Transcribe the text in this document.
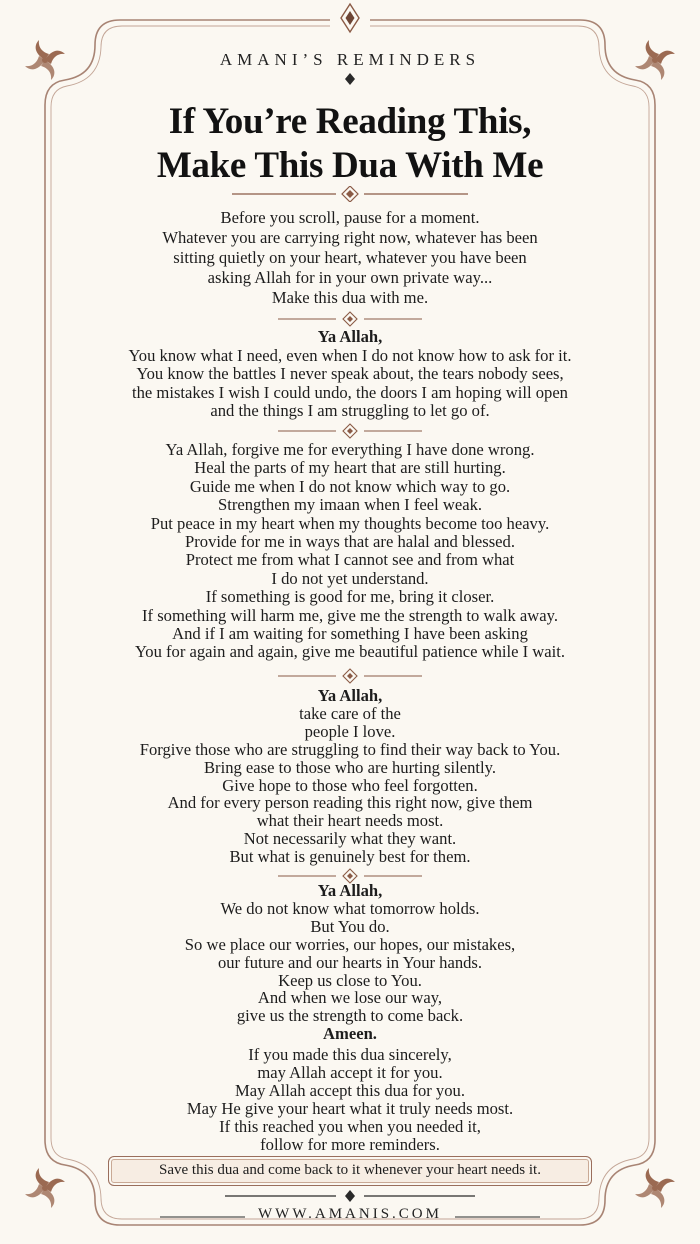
AMANI’S REMINDERS
If You’re Reading This,
Make This Dua With Me
Before you scroll, pause for a moment.
Whatever you are carrying right now, whatever has been
sitting quietly on your heart, whatever you have been
asking Allah for in your own private way...
Make this dua with me.
Ya Allah,
You know what I need, even when I do not know how to ask for it.
You know the battles I never speak about, the tears nobody sees,
the mistakes I wish I could undo, the doors I am hoping will open
and the things I am struggling to let go of.
Ya Allah, forgive me for everything I have done wrong.
Heal the parts of my heart that are still hurting.
Guide me when I do not know which way to go.
Strengthen my imaan when I feel weak.
Put peace in my heart when my thoughts become too heavy.
Provide for me in ways that are halal and blessed.
Protect me from what I cannot see and from what
I do not yet understand.
If something is good for me, bring it closer.
If something will harm me, give me the strength to walk away.
And if I am waiting for something I have been asking
You for again and again, give me beautiful patience while I wait.
Ya Allah,
take care of the
people I love.
Forgive those who are struggling to find their way back to You.
Bring ease to those who are hurting silently.
Give hope to those who feel forgotten.
And for every person reading this right now, give them
what their heart needs most.
Not necessarily what they want.
But what is genuinely best for them.
Ya Allah,
We do not know what tomorrow holds.
But You do.
So we place our worries, our hopes, our mistakes,
our future and our hearts in Your hands.
Keep us close to You.
And when we lose our way,
give us the strength to come back.
Ameen.
If you made this dua sincerely,
may Allah accept it for you.
May Allah accept this dua for you.
May He give your heart what it truly needs most.
If this reached you when you needed it,
follow for more reminders.
Save this dua and come back to it whenever your heart needs it.
WWW.AMANIS.COM
